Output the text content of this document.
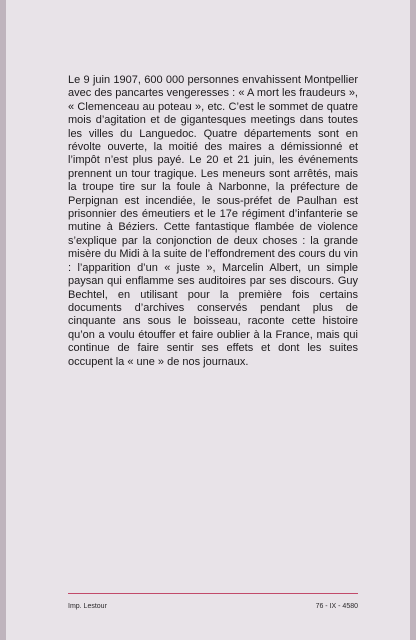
Le 9 juin 1907, 600 000 personnes envahissent Montpellier avec des pancartes vengeresses : « A mort les fraudeurs », « Clemenceau au poteau », etc. C’est le sommet de quatre mois d’agitation et de gigantesques meetings dans toutes les villes du Languedoc. Quatre départements sont en révolte ouverte, la moitié des maires a démissionné et l’impôt n’est plus payé. Le 20 et 21 juin, les événements prennent un tour tragique. Les meneurs sont arrêtés, mais la troupe tire sur la foule à Narbonne, la préfecture de Perpignan est incendiée, le sous-préfet de Paulhan est prisonnier des émeutiers et le 17e régiment d’infanterie se mutine à Béziers. Cette fantastique flambée de violence s’explique par la conjonction de deux choses : la grande misère du Midi à la suite de l’effondrement des cours du vin : l’apparition d’un « juste », Marcelin Albert, un simple paysan qui enflamme ses auditoires par ses discours. Guy Bechtel, en utilisant pour la première fois certains documents d’archives conservés pendant plus de cinquante ans sous le boisseau, raconte cette histoire qu’on a voulu étouffer et faire oublier à la France, mais qui continue de faire sentir ses effets et dont les suites occupent la « une » de nos journaux.

Imp. Lestour	76 - IX - 4580
